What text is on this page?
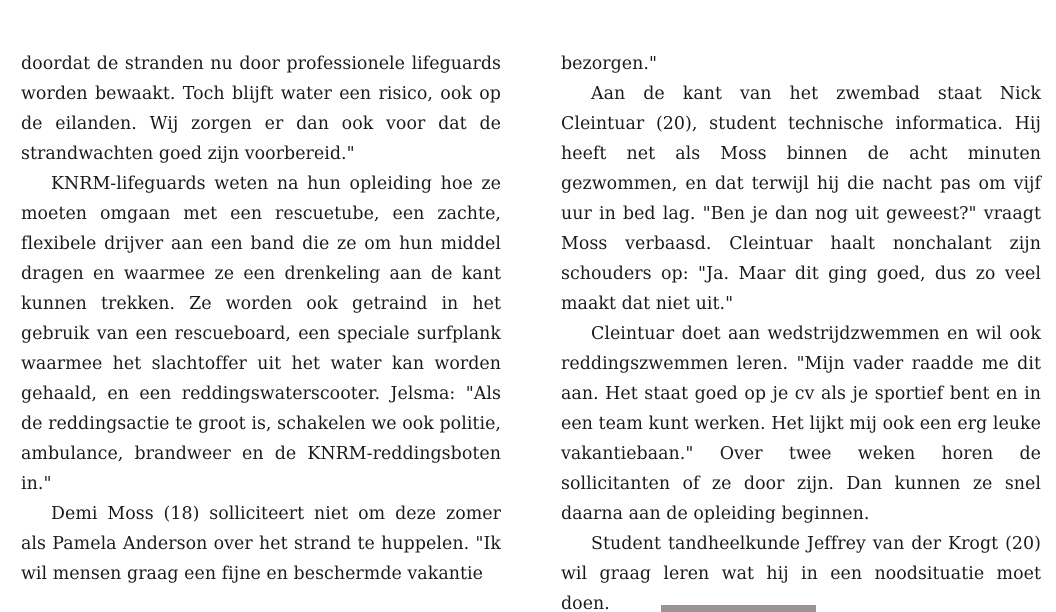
doordat de stranden nu door professionele lifeguards worden bewaakt. Toch blijft water een risico, ook op de eilanden. Wij zorgen er dan ook voor dat de strandwachten goed zijn voorbereid."

KNRM-lifeguards weten na hun opleiding hoe ze moeten omgaan met een rescuetube, een zachte, flexibele drijver aan een band die ze om hun middel dragen en waarmee ze een drenkeling aan de kant kunnen trekken. Ze worden ook getraind in het gebruik van een rescueboard, een speciale surfplank waarmee het slachtoffer uit het water kan worden gehaald, en een reddingswaterscooter. Jelsma: "Als de reddingsactie te groot is, schakelen we ook politie, ambulance, brandweer en de KNRM-reddingsboten in."

Demi Moss (18) solliciteert niet om deze zomer als Pamela Anderson over het strand te huppelen. "Ik wil mensen graag een fijne en beschermde vakantie

bezorgen."

Aan de kant van het zwembad staat Nick Cleintuar (20), student technische informatica. Hij heeft net als Moss binnen de acht minuten gezwommen, en dat terwijl hij die nacht pas om vijf uur in bed lag. "Ben je dan nog uit geweest?" vraagt Moss verbaasd. Cleintuar haalt nonchalant zijn schouders op: "Ja. Maar dit ging goed, dus zo veel maakt dat niet uit."

Cleintuar doet aan wedstrijdzwemmen en wil ook reddingszwemmen leren. "Mijn vader raadde me dit aan. Het staat goed op je cv als je sportief bent en in een team kunt werken. Het lijkt mij ook een erg leuke vakantiebaan." Over twee weken horen de sollicitanten of ze door zijn. Dan kunnen ze snel daarna aan de opleiding beginnen.

Student tandheelkunde Jeffrey van der Krogt (20) wil graag leren wat hij in een noodsituatie moet doen.
